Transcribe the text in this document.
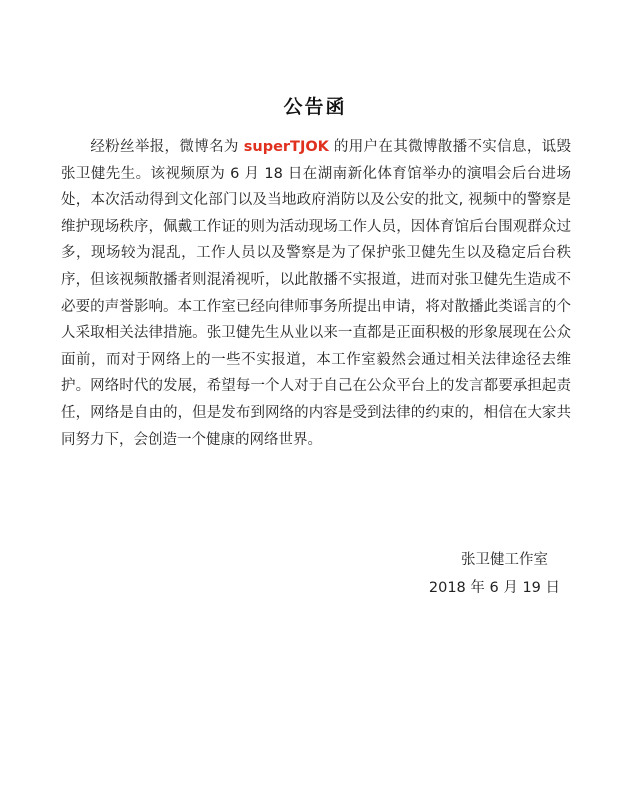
公告函
  经粉丝举报，微博名为 superTJOK 的用户在其微博散播不实信息，诋毁张卫健先生。该视频原为 6 月 18 日在湖南新化体育馆举办的演唱会后台进场处，本次活动得到文化部门以及当地政府消防以及公安的批文, 视频中的警察是维护现场秩序，佩戴工作证的则为活动现场工作人员，因体育馆后台围观群众过多，现场较为混乱，工作人员以及警察是为了保护张卫健先生以及稳定后台秩序，但该视频散播者则混淆视听，以此散播不实报道，进而对张卫健先生造成不必要的声誉影响。本工作室已经向律师事务所提出申请，将对散播此类谣言的个人采取相关法律措施。张卫健先生从业以来一直都是正面积极的形象展现在公众面前，而对于网络上的一些不实报道，本工作室毅然会通过相关法律途径去维护。网络时代的发展，希望每一个人对于自己在公众平台上的发言都要承担起责任，网络是自由的，但是发布到网络的内容是受到法律的约束的，相信在大家共同努力下，会创造一个健康的网络世界。
张卫健工作室
2018 年 6 月 19 日
